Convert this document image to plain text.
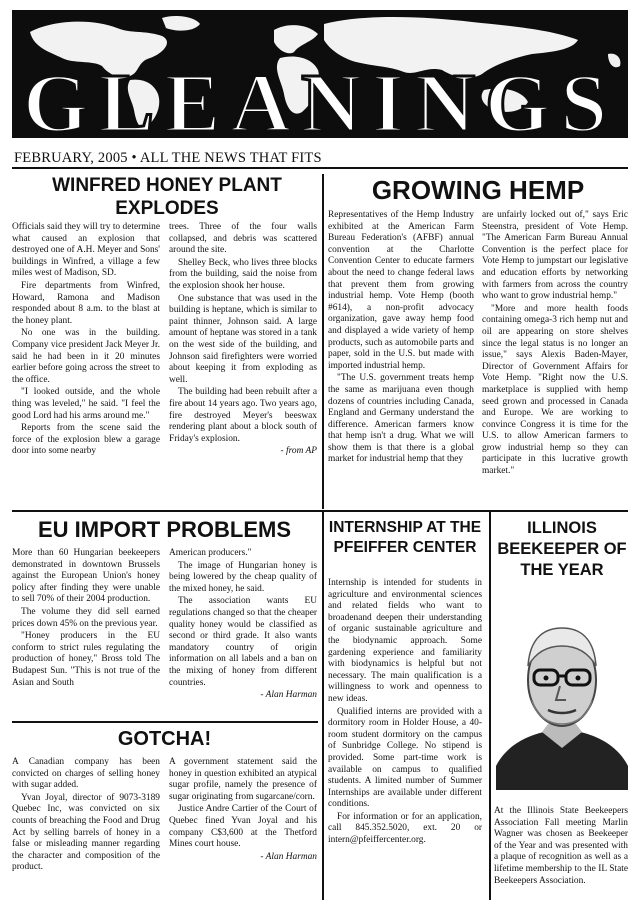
GLEANINGS
FEBRUARY, 2005 • ALL THE NEWS THAT FITS
WINFRED HONEY PLANT EXPLODES

Officials said they will try to determine what caused an explosion that destroyed one of A.H. Meyer and Sons' buildings in Winfred, a village a few miles west of Madison, SD.

Fire departments from Winfred, Howard, Ramona and Madison responded about 8 a.m. to the blast at the honey plant.

No one was in the building. Company vice president Jack Meyer Jr. said he had been in it 20 minutes earlier before going across the street to the office.

"I looked outside, and the whole thing was leveled," he said. "I feel the good Lord had his arms around me."

Reports from the scene said the force of the explosion blew a garage door into some nearby

trees. Three of the four walls collapsed, and debris was scattered around the site.

Shelley Beck, who lives three blocks from the building, said the noise from the explosion shook her house.

One substance that was used in the building is heptane, which is similar to paint thinner, Johnson said. A large amount of heptane was stored in a tank on the west side of the building, and Johnson said firefighters were worried about keeping it from exploding as well.

The building had been rebuilt after a fire about 14 years ago. Two years ago, fire destroyed Meyer's beeswax rendering plant about a block south of Friday's explosion.

- from AP
GROWING HEMP

Representatives of the Hemp Industry exhibited at the American Farm Bureau Federation's (AFBF) annual convention at the Charlotte Convention Center to educate farmers about the need to change federal laws that prevent them from growing industrial hemp. Vote Hemp (booth #614), a non-profit advocacy organization, gave away hemp food and displayed a wide variety of hemp products, such as automobile parts and paper, sold in the U.S. but made with imported industrial hemp.

"The U.S. government treats hemp the same as marijuana even though dozens of countries including Canada, England and Germany understand the difference. American farmers know that hemp isn't a drug. What we will show them is that there is a global market for industrial hemp that they

are unfairly locked out of," says Eric Steenstra, president of Vote Hemp. "The American Farm Bureau Annual Convention is the perfect place for Vote Hemp to jumpstart our legislative and education efforts by networking with farmers from across the country who want to grow industrial hemp."

"More and more health foods containing omega-3 rich hemp nut and oil are appearing on store shelves since the legal status is no longer an issue," says Alexis Baden-Mayer, Director of Government Affairs for Vote Hemp. "Right now the U.S. marketplace is supplied with hemp seed grown and processed in Canada and Europe. We are working to convince Congress it is time for the U.S. to allow American farmers to grow industrial hemp so they can participate in this lucrative growth market."

EU IMPORT PROBLEMS

More than 60 Hungarian beekeepers demonstrated in downtown Brussels against the European Union's honey policy after finding they were unable to sell 70% of their 2004 production.

The volume they did sell earned prices down 45% on the previous year.

"Honey producers in the EU conform to strict rules regulating the production of honey," Bross told The Budapest Sun. "This is not true of the Asian and South

American producers."

The image of Hungarian honey is being lowered by the cheap quality of the mixed honey, he said.

The association wants EU regulations changed so that the cheaper quality honey would be classified as second or third grade. It also wants mandatory country of origin information on all labels and a ban on the mixing of honey from different countries.

- Alan Harman
GOTCHA!

A Canadian company has been convicted on charges of selling honey with sugar added.

Yvan Joyal, director of 9073-3189 Quebec Inc, was convicted on six counts of breaching the Food and Drug Act by selling barrels of honey in a false or misleading manner regarding the character and composition of the product.

A government statement said the honey in question exhibited an atypical sugar profile, namely the presence of sugar originating from sugarcane/corn.

Justice Andre Cartier of the Court of Quebec fined Yvan Joyal and his company C$3,600 at the Thetford Mines court house.

- Alan Harman
INTERNSHIP AT THE PFEIFFER CENTER

Internship is intended for students in agriculture and environmental sciences and related fields who want to broadenand deepen their understanding of organic sustainable agriculture and the biodynamic approach. Some gardening experience and familiarity with biodynamics is helpful but not necessary. The main qualification is a willingness to work and openness to new ideas.

Qualified interns are provided with a dormitory room in Holder House, a 40-room student dormitory on the campus of Sunbridge College. No stipend is provided. Some part-time work is available on campus to qualified students. A limited number of Summer Internships are available under different conditions.

For information or for an application, call 845.352.5020, ext. 20 or intern@pfeiffercenter.org.

ILLINOIS BEEKEEPER OF THE YEAR

At the Illinois State Beekeepers Association Fall meeting Marlin Wagner was chosen as Beekeeper of the Year and was presented with a plaque of recognition as well as a lifetime membership to the IL State Beekeepers Association.
